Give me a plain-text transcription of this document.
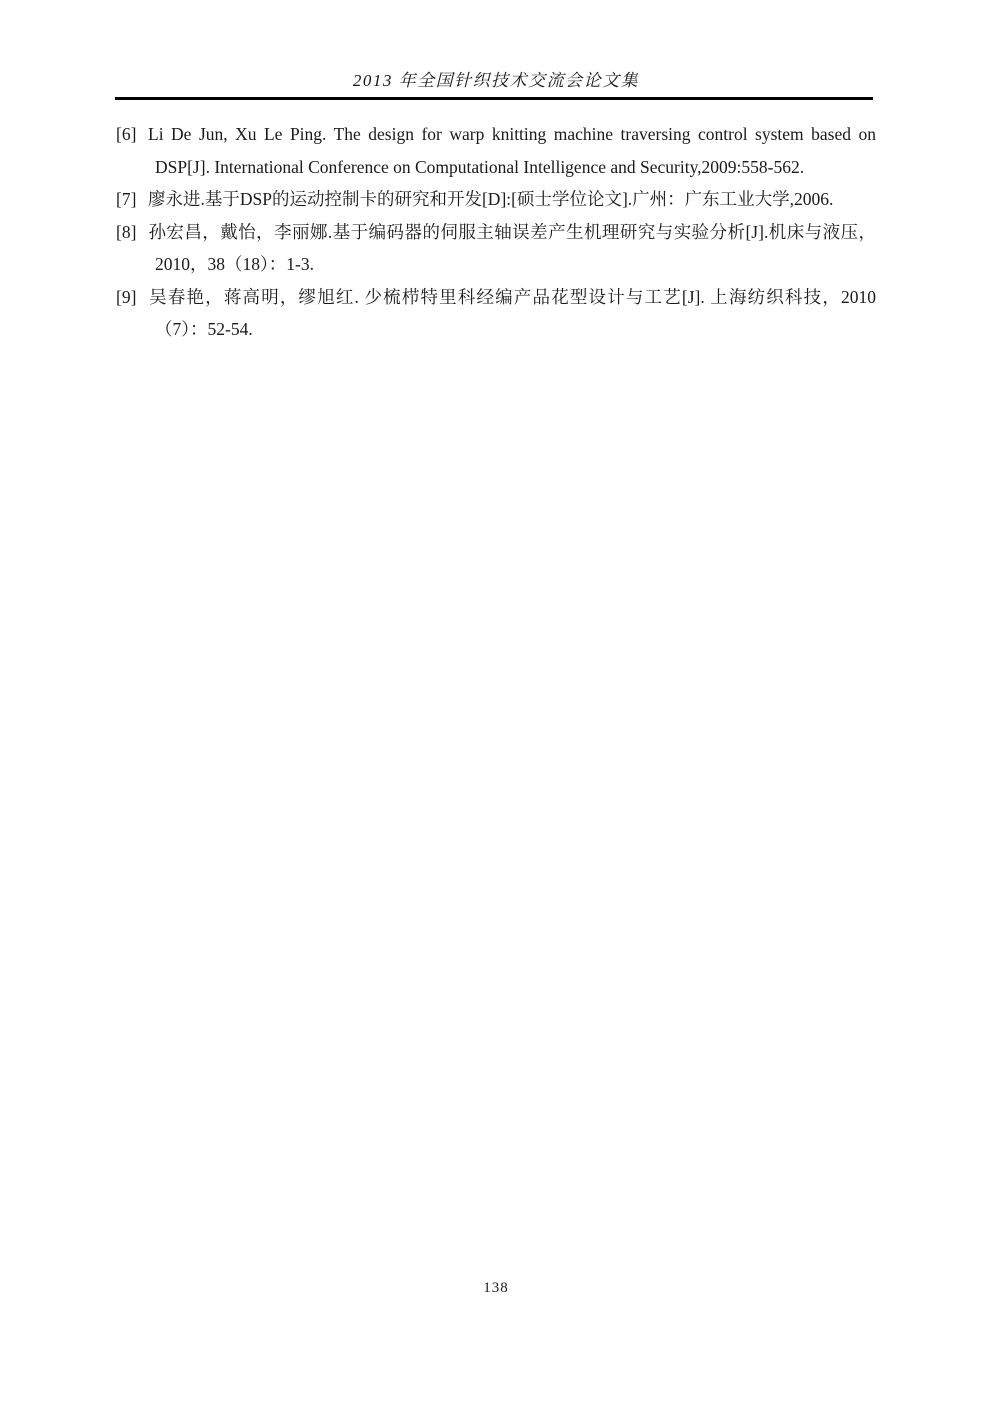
2013 年全国针织技术交流会论文集

[6] Li De Jun, Xu Le Ping. The design for warp knitting machine traversing control system based on DSP[J]. International Conference on Computational Intelligence and Security,2009:558-562.

[7] 廖永进.基于DSP的运动控制卡的研究和开发[D]:[硕士学位论文].广州：广东工业大学,2006.

[8] 孙宏昌，戴怡，李丽娜.基于编码器的伺服主轴误差产生机理研究与实验分析[J].机床与液压，2010，38（18）：1-3.

[9] 吴春艳，蒋高明，缪旭红. 少梳栉特里科经编产品花型设计与工艺[J]. 上海纺织科技，2010（7）：52-54.

138
